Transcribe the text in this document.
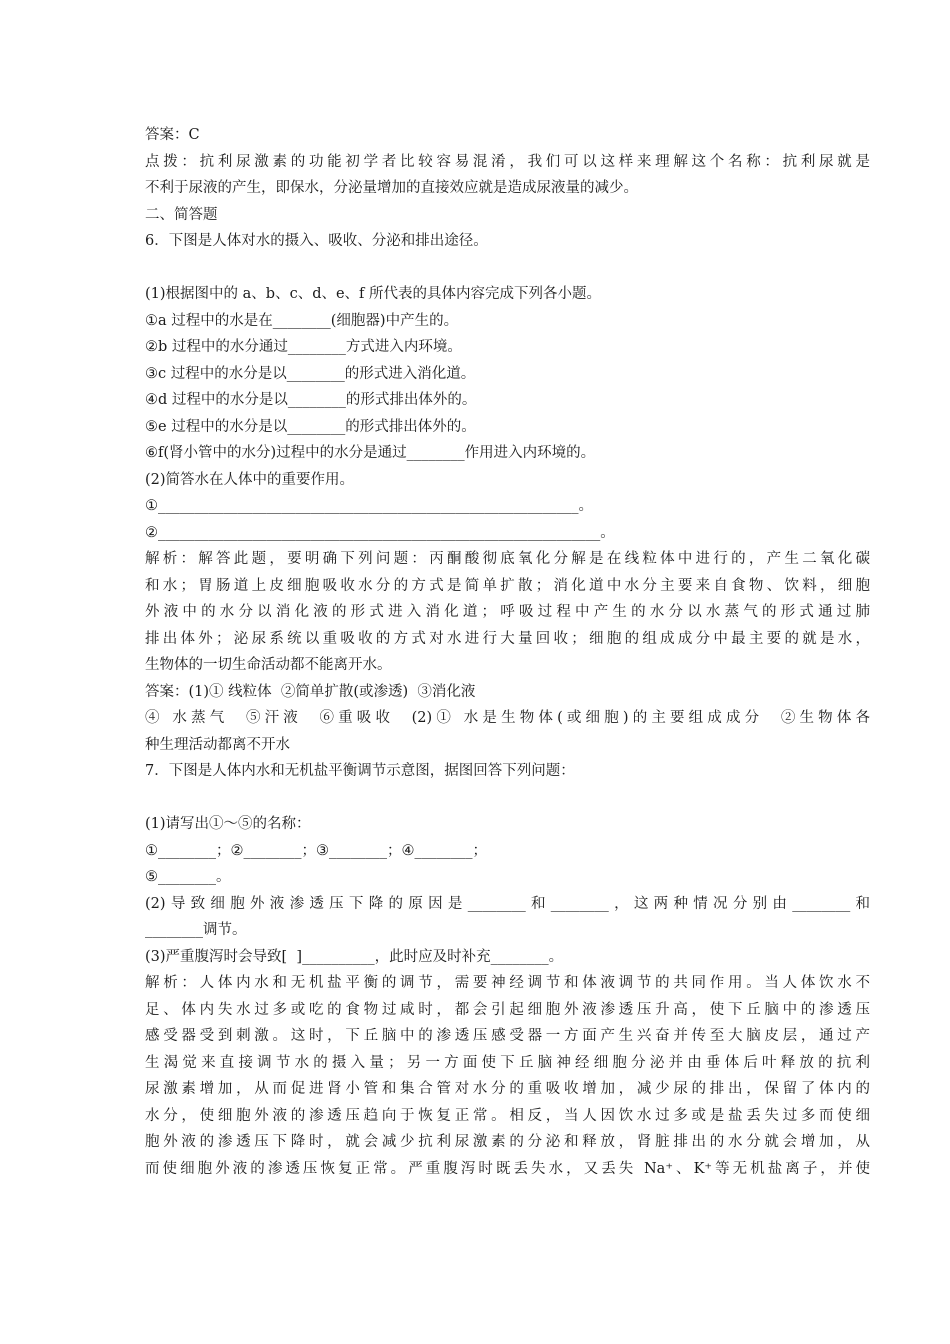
答案：C
点拨：抗利尿激素的功能初学者比较容易混淆，我们可以这样来理解这个名称：抗利尿就是
不利于尿液的产生，即保水，分泌量增加的直接效应就是造成尿液量的减少。
二、简答题
6．下图是人体对水的摄入、吸收、分泌和排出途径。
(1)根据图中的 a、b、c、d、e、f 所代表的具体内容完成下列各小题。
①a 过程中的水是在________(细胞器)中产生的。
②b 过程中的水分通过________方式进入内环境。
③c 过程中的水分是以________的形式进入消化道。
④d 过程中的水分是以________的形式排出体外的。
⑤e 过程中的水分是以________的形式排出体外的。
⑥f(肾小管中的水分)过程中的水分是通过________作用进入内环境的。
(2)简答水在人体中的重要作用。
①__________________________________________________________。
②_____________________________________________________________。
解析：解答此题，要明确下列问题：丙酮酸彻底氧化分解是在线粒体中进行的，产生二氧化碳
和水；胃肠道上皮细胞吸收水分的方式是简单扩散；消化道中水分主要来自食物、饮料，细胞
外液中的水分以消化液的形式进入消化道；呼吸过程中产生的水分以水蒸气的形式通过肺
排出体外；泌尿系统以重吸收的方式对水进行大量回收；细胞的组成成分中最主要的就是水，
生物体的一切生命活动都不能离开水。
答案：(1)① 线粒体  ②简单扩散(或渗透)  ③消化液
④ 水蒸气  ⑤汗液  ⑥重吸收  (2)① 水是生物体(或细胞)的主要组成成分  ②生物体各
种生理活动都离不开水
7．下图是人体内水和无机盐平衡调节示意图，据图回答下列问题：
(1)请写出①～⑤的名称：
①________；②________；③________；④________；
⑤________。
(2)导致细胞外液渗透压下降的原因是________和________，这两种情况分别由________和
________调节。
(3)严重腹泻时会导致[  ]__________，此时应及时补充________。
解析：人体内水和无机盐平衡的调节，需要神经调节和体液调节的共同作用。当人体饮水不
足、体内失水过多或吃的食物过咸时，都会引起细胞外液渗透压升高，使下丘脑中的渗透压
感受器受到刺激。这时，下丘脑中的渗透压感受器一方面产生兴奋并传至大脑皮层，通过产
生渴觉来直接调节水的摄入量；另一方面使下丘脑神经细胞分泌并由垂体后叶释放的抗利
尿激素增加，从而促进肾小管和集合管对水分的重吸收增加，减少尿的排出，保留了体内的
水分，使细胞外液的渗透压趋向于恢复正常。相反，当人因饮水过多或是盐丢失过多而使细
胞外液的渗透压下降时，就会减少抗利尿激素的分泌和释放，肾脏排出的水分就会增加，从
而使细胞外液的渗透压恢复正常。严重腹泻时既丢失水，又丢失 Na⁺、K⁺等无机盐离子，并使
